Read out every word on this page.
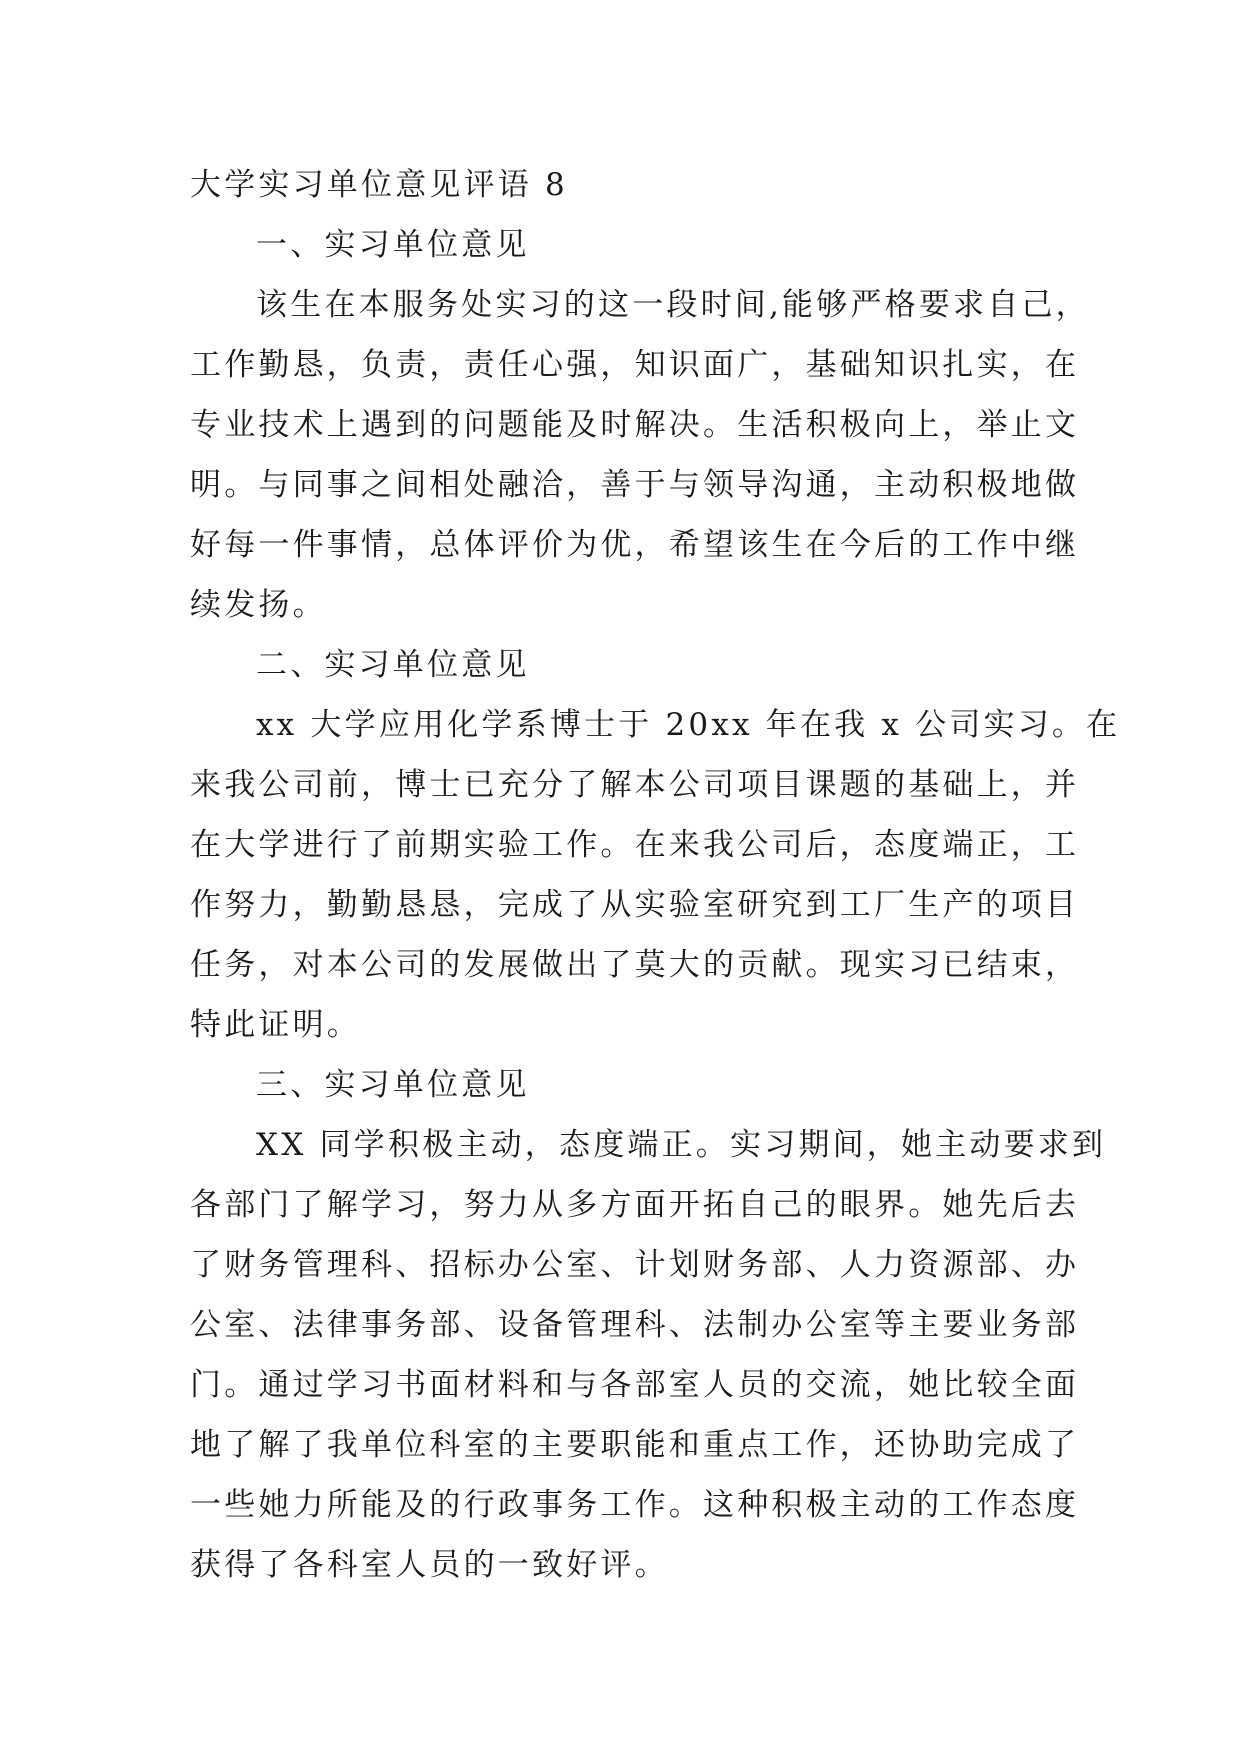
大学实习单位意见评语 8
一、实习单位意见
该生在本服务处实习的这一段时间,能够严格要求自己，
工作勤恳，负责，责任心强，知识面广，基础知识扎实，在
专业技术上遇到的问题能及时解决。生活积极向上，举止文
明。与同事之间相处融洽，善于与领导沟通，主动积极地做
好每一件事情，总体评价为优，希望该生在今后的工作中继
续发扬。
二、实习单位意见
xx 大学应用化学系博士于 20xx 年在我 x 公司实习。在
来我公司前，博士已充分了解本公司项目课题的基础上，并
在大学进行了前期实验工作。在来我公司后，态度端正，工
作努力，勤勤恳恳，完成了从实验室研究到工厂生产的项目
任务，对本公司的发展做出了莫大的贡献。现实习已结束，
特此证明。
三、实习单位意见
XX 同学积极主动，态度端正。实习期间，她主动要求到
各部门了解学习，努力从多方面开拓自己的眼界。她先后去
了财务管理科、招标办公室、计划财务部、人力资源部、办
公室、法律事务部、设备管理科、法制办公室等主要业务部
门。通过学习书面材料和与各部室人员的交流，她比较全面
地了解了我单位科室的主要职能和重点工作，还协助完成了
一些她力所能及的行政事务工作。这种积极主动的工作态度
获得了各科室人员的一致好评。
